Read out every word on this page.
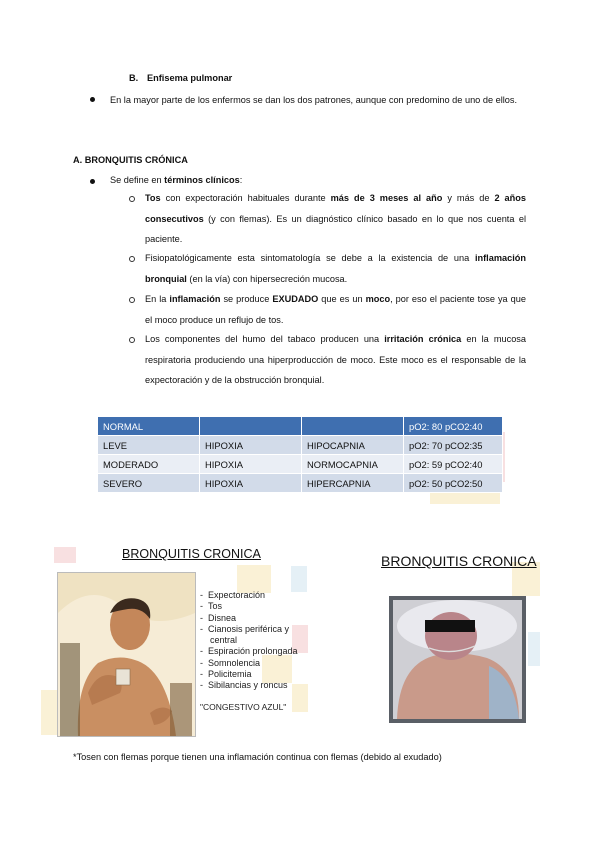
B. Enfisema pulmonar
En la mayor parte de los enfermos se dan los dos patrones, aunque con predomino de uno de ellos.
A. BRONQUITIS CRÓNICA
Se define en términos clínicos:
Tos con expectoración habituales durante más de 3 meses al año y más de 2 años consecutivos (y con flemas). Es un diagnóstico clínico basado en lo que nos cuenta el paciente.
Fisiopatológicamente esta sintomatología se debe a la existencia de una inflamación bronquial (en la vía) con hipersecreción mucosa.
En la inflamación se produce EXUDADO que es un moco, por eso el paciente tose ya que el moco produce un reflujo de tos.
Los componentes del humo del tabaco producen una irritación crónica en la mucosa respiratoria produciendo una hiperproducción de moco. Este moco es el responsable de la expectoración y de la obstrucción bronquial.
NORMAL			pO2: 80 pCO2:40
LEVE	HIPOXIA	HIPOCAPNIA	pO2: 70 pCO2:35
MODERADO	HIPOXIA	NORMOCAPNIA	pO2: 59 pCO2:40
SEVERO	HIPOXIA	HIPERCAPNIA	pO2: 50 pCO2:50
BRONQUITIS CRONICA
-  Expectoración
-  Tos
-  Disnea
-  Cianosis periférica y
central
-  Espiración prolongada
-  Somnolencia
-  Policitemia
-  Sibilancias y roncus
"CONGESTIVO AZUL"
BRONQUITIS CRONICA
*Tosen con flemas porque tienen una inflamación continua con flemas (debido al exudado)
